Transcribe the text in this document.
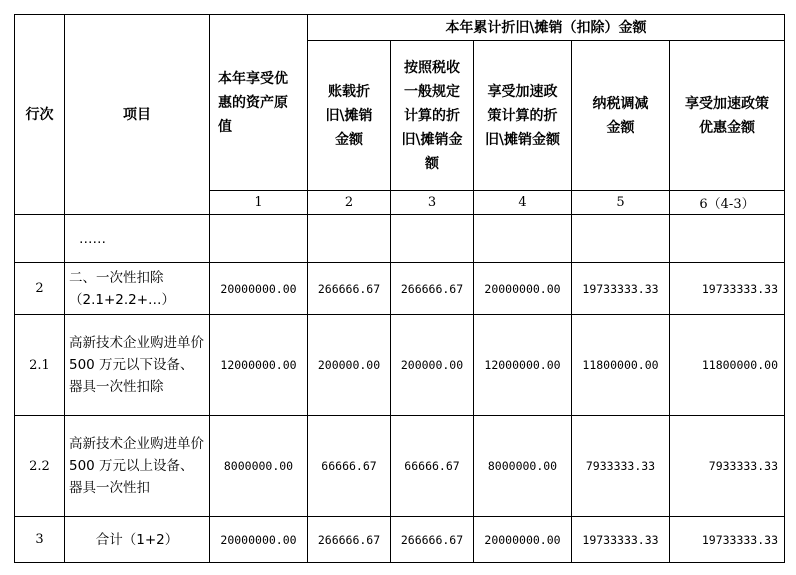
行次	项目	本年享受优惠的资产原值	本年累计折旧\摊销（扣除）金额				
			账载折旧\摊销金额	按照税收一般规定计算的折旧\摊销金额	享受加速政策计算的折旧\摊销金额	纳税调减金额	享受加速政策优惠金额
		1	2	3	4	5	6（4-3）
	……						
2	二、一次性扣除（2.1+2.2+…）	20000000.00	266666.67	266666.67	20000000.00	19733333.33	19733333.33
2.1	高新技术企业购进单价 500 万元以下设备、器具一次性扣除	12000000.00	200000.00	200000.00	12000000.00	11800000.00	11800000.00
2.2	高新技术企业购进单价 500 万元以上设备、器具一次性扣	8000000.00	66666.67	66666.67	8000000.00	7933333.33	7933333.33
3	合计（1+2）	20000000.00	266666.67	266666.67	20000000.00	19733333.33	19733333.33
